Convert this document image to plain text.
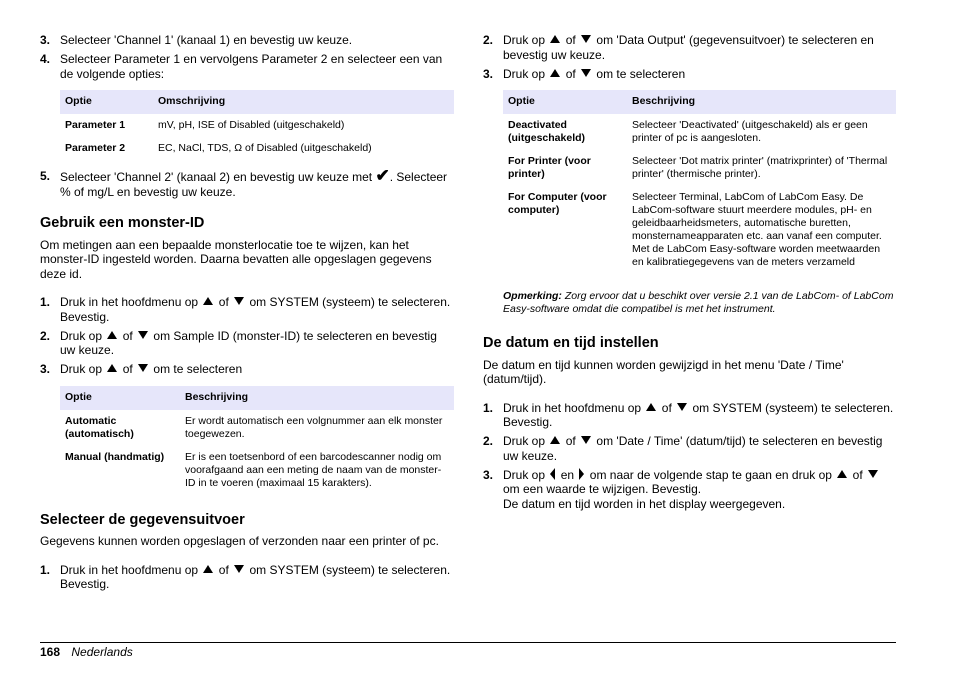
3. Selecteer 'Channel 1' (kanaal 1) en bevestig uw keuze.
4. Selecteer Parameter 1 en vervolgens Parameter 2 en selecteer een van de volgende opties:
Optie	Omschrijving
Parameter 1	mV, pH, ISE of Disabled (uitgeschakeld)
Parameter 2	EC, NaCl, TDS, Ω of Disabled (uitgeschakeld)
5. Selecteer 'Channel 2' (kanaal 2) en bevestig uw keuze met ✔. Selecteer % of mg/L en bevestig uw keuze.
Gebruik een monster-ID

Om metingen aan een bepaalde monsterlocatie toe te wijzen, kan het monster-ID ingesteld worden. Daarna bevatten alle opgeslagen gegevens deze id.

1. Druk in het hoofdmenu op of om SYSTEM (systeem) te selecteren. Bevestig.
2. Druk op of om Sample ID (monster-ID) te selecteren en bevestig uw keuze.
3. Druk op of om te selecteren
Optie	Beschrijving
Automatic (automatisch)	Er wordt automatisch een volgnummer aan elk monster toegewezen.
Manual (handmatig)	Er is een toetsenbord of een barcodescanner nodig om voorafgaand aan een meting de naam van de monster-ID in te voeren (maximaal 15 karakters).
Selecteer de gegevensuitvoer

Gegevens kunnen worden opgeslagen of verzonden naar een printer of pc.

1. Druk in het hoofdmenu op of om SYSTEM (systeem) te selecteren. Bevestig.
2. Druk op of om 'Data Output' (gegevensuitvoer) te selecteren en bevestig uw keuze.
3. Druk op of om te selecteren
Optie	Beschrijving
Deactivated (uitgeschakeld)	Selecteer 'Deactivated' (uitgeschakeld) als er geen printer of pc is aangesloten.
For Printer (voor printer)	Selecteer 'Dot matrix printer' (matrixprinter) of 'Thermal printer' (thermische printer).
For Computer (voor computer)	Selecteer Terminal, LabCom of LabCom Easy. De LabCom-software stuurt meerdere modules, pH- en geleidbaarheidsmeters, automatische buretten, monsternameapparaten etc. aan vanaf een computer. Met de LabCom Easy-software worden meetwaarden en kalibratiegegevens van de meters verzameld

Opmerking: Zorg ervoor dat u beschikt over versie 2.1 van de LabCom- of LabCom Easy-software omdat die compatibel is met het instrument.

De datum en tijd instellen

De datum en tijd kunnen worden gewijzigd in het menu 'Date / Time' (datum/tijd).

1. Druk in het hoofdmenu op of om SYSTEM (systeem) te selecteren. Bevestig.
2. Druk op of om 'Date / Time' (datum/tijd) te selecteren en bevestig uw keuze.
3. Druk op en om naar de volgende stap te gaan en druk op of  om een waarde te wijzigen. Bevestig.
De datum en tijd worden in het display weergegeven.
168 Nederlands
